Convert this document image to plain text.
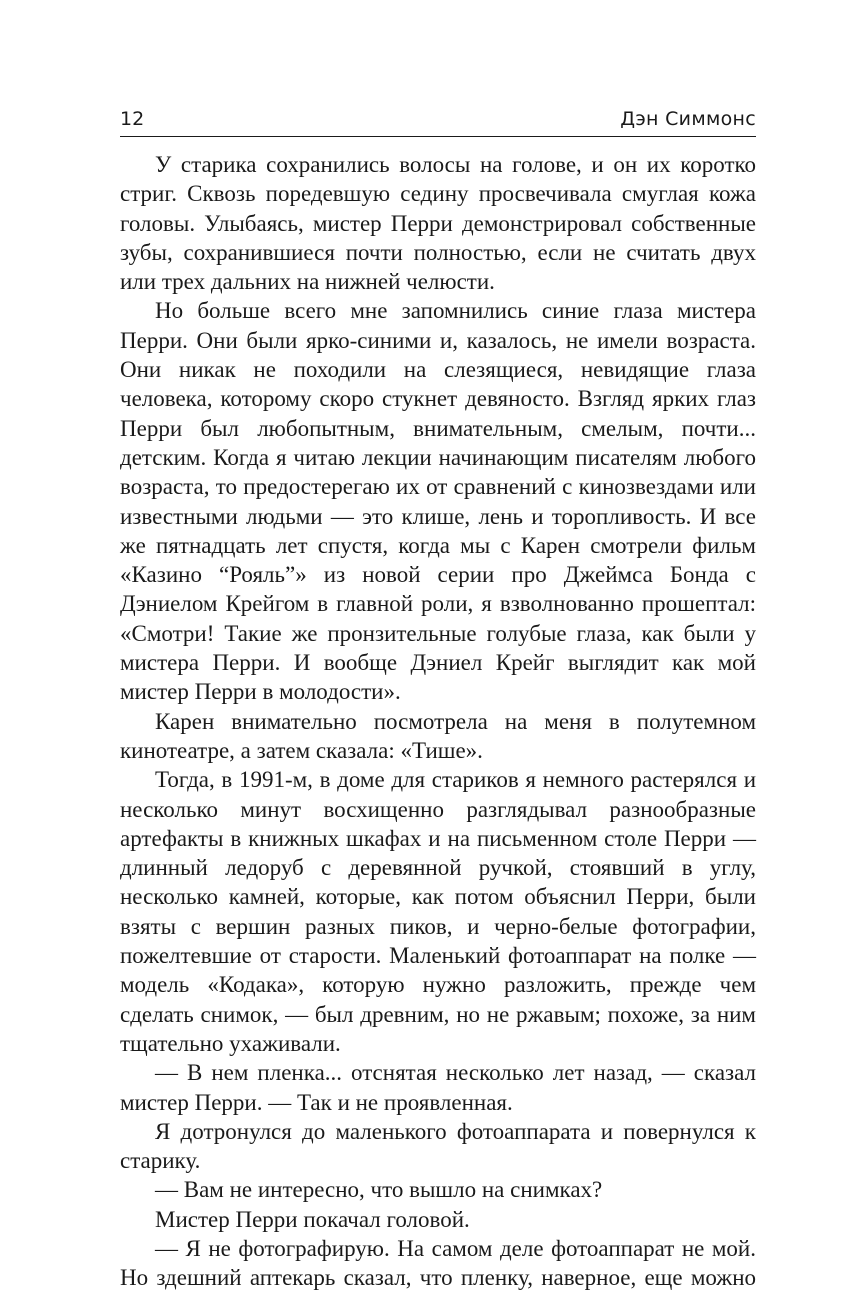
12	Дэн Симмонс

У старика сохранились волосы на голове, и он их коротко стриг. Сквозь поредевшую седину просвечивала смуглая кожа головы. Улыбаясь, мистер Перри демонстрировал собственные зубы, сохранившиеся почти полностью, если не считать двух или трех дальних на нижней челюсти.

Но больше всего мне запомнились синие глаза мистера Перри. Они были ярко-синими и, казалось, не имели возраста. Они никак не походили на слезящиеся, невидящие глаза человека, которому скоро стукнет девяносто. Взгляд ярких глаз Перри был любопытным, внимательным, смелым, почти... детским. Когда я читаю лекции начинающим писателям любого возраста, то предостерегаю их от сравнений с кинозвездами или известными людьми — это клише, лень и торопливость. И все же пятнадцать лет спустя, когда мы с Карен смотрели фильм «Казино “Рояль”» из новой серии про Джеймса Бонда с Дэниелом Крейгом в главной роли, я взволнованно прошептал: «Смотри! Такие же пронзительные голубые глаза, как были у мистера Перри. И вообще Дэниел Крейг выглядит как мой мистер Перри в молодости».

Карен внимательно посмотрела на меня в полутемном кинотеатре, а затем сказала: «Тише».

Тогда, в 1991-м, в доме для стариков я немного растерялся и несколько минут восхищенно разглядывал разнообразные артефакты в книжных шкафах и на письменном столе Перри — длинный ледоруб с деревянной ручкой, стоявший в углу, несколько камней, которые, как потом объяснил Перри, были взяты с вершин разных пиков, и черно-белые фотографии, пожелтевшие от старости. Маленький фотоаппарат на полке — модель «Кодака», которую нужно разложить, прежде чем сделать снимок, — был древним, но не ржавым; похоже, за ним тщательно ухаживали.

— В нем пленка... отснятая несколько лет назад, — сказал мистер Перри. — Так и не проявленная.

Я дотронулся до маленького фотоаппарата и повернулся к старику.

— Вам не интересно, что вышло на снимках?

Мистер Перри покачал головой.

— Я не фотографирую. На самом деле фотоаппарат не мой. Но здешний аптекарь сказал, что пленку, наверное, еще можно
